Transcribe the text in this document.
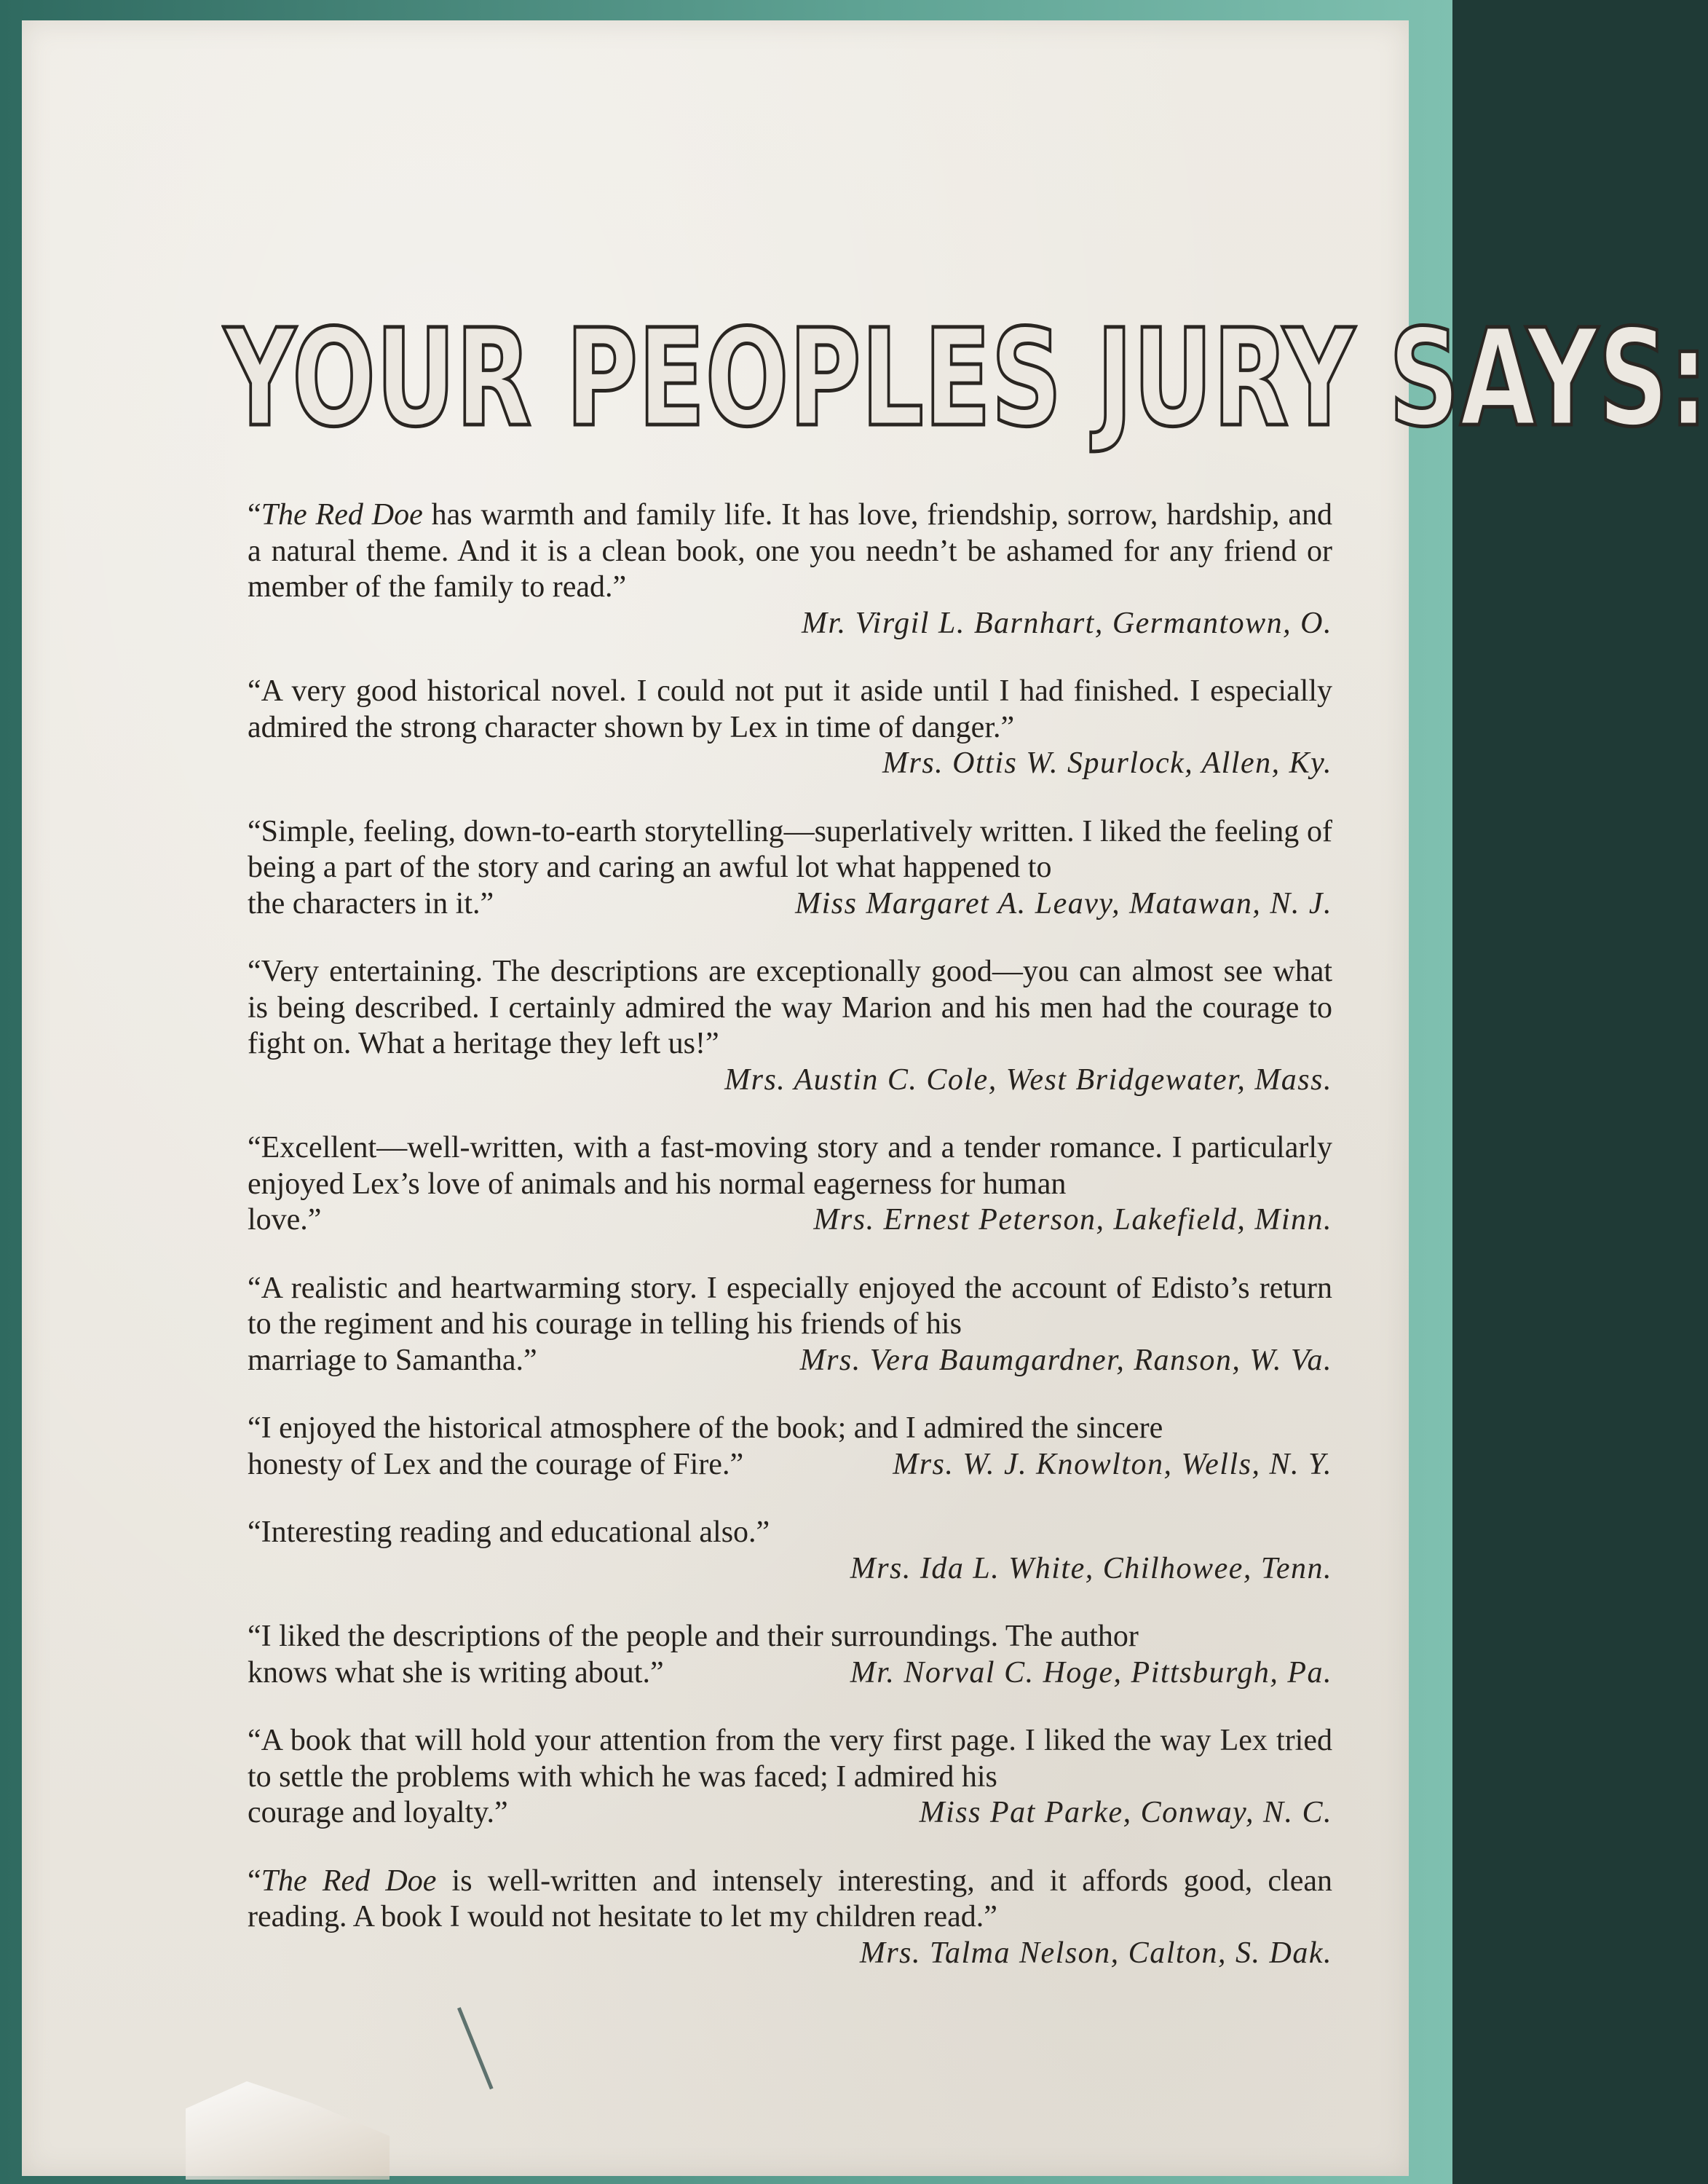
YOUR PEOPLES JURY SAYS:

“The Red Doe has warmth and family life. It has love, friendship, sorrow, hardship, and a natural theme. And it is a clean book, one you needn’t be ashamed for any friend or member of the family to read.”

Mr. Virgil L. Barnhart, Germantown, O.

“A very good historical novel. I could not put it aside until I had finished. I especially admired the strong character shown by Lex in time of danger.”

Mrs. Ottis W. Spurlock, Allen, Ky.

“Simple, feeling, down-to-earth storytelling—superlatively written. I liked the feeling of being a part of the story and caring an awful lot what happened to

the characters in it.”	Miss Margaret A. Leavy, Matawan, N. J.

“Very entertaining. The descriptions are exceptionally good—you can almost see what is being described. I certainly admired the way Marion and his men had the courage to fight on. What a heritage they left us!”

Mrs. Austin C. Cole, West Bridgewater, Mass.

“Excellent—well-written, with a fast-moving story and a tender romance. I particularly enjoyed Lex’s love of animals and his normal eagerness for human

love.”	Mrs. Ernest Peterson, Lakefield, Minn.

“A realistic and heartwarming story. I especially enjoyed the account of Edisto’s return to the regiment and his courage in telling his friends of his

marriage to Samantha.”	Mrs. Vera Baumgardner, Ranson, W. Va.

“I enjoyed the historical atmosphere of the book; and I admired the sincere

honesty of Lex and the courage of Fire.”	Mrs. W. J. Knowlton, Wells, N. Y.

“Interesting reading and educational also.”

Mrs. Ida L. White, Chilhowee, Tenn.

“I liked the descriptions of the people and their surroundings. The author

knows what she is writing about.”	Mr. Norval C. Hoge, Pittsburgh, Pa.

“A book that will hold your attention from the very first page. I liked the way Lex tried to settle the problems with which he was faced; I admired his

courage and loyalty.”	Miss Pat Parke, Conway, N. C.

“The Red Doe is well-written and intensely interesting, and it affords good, clean reading. A book I would not hesitate to let my children read.”

Mrs. Talma Nelson, Calton, S. Dak.
